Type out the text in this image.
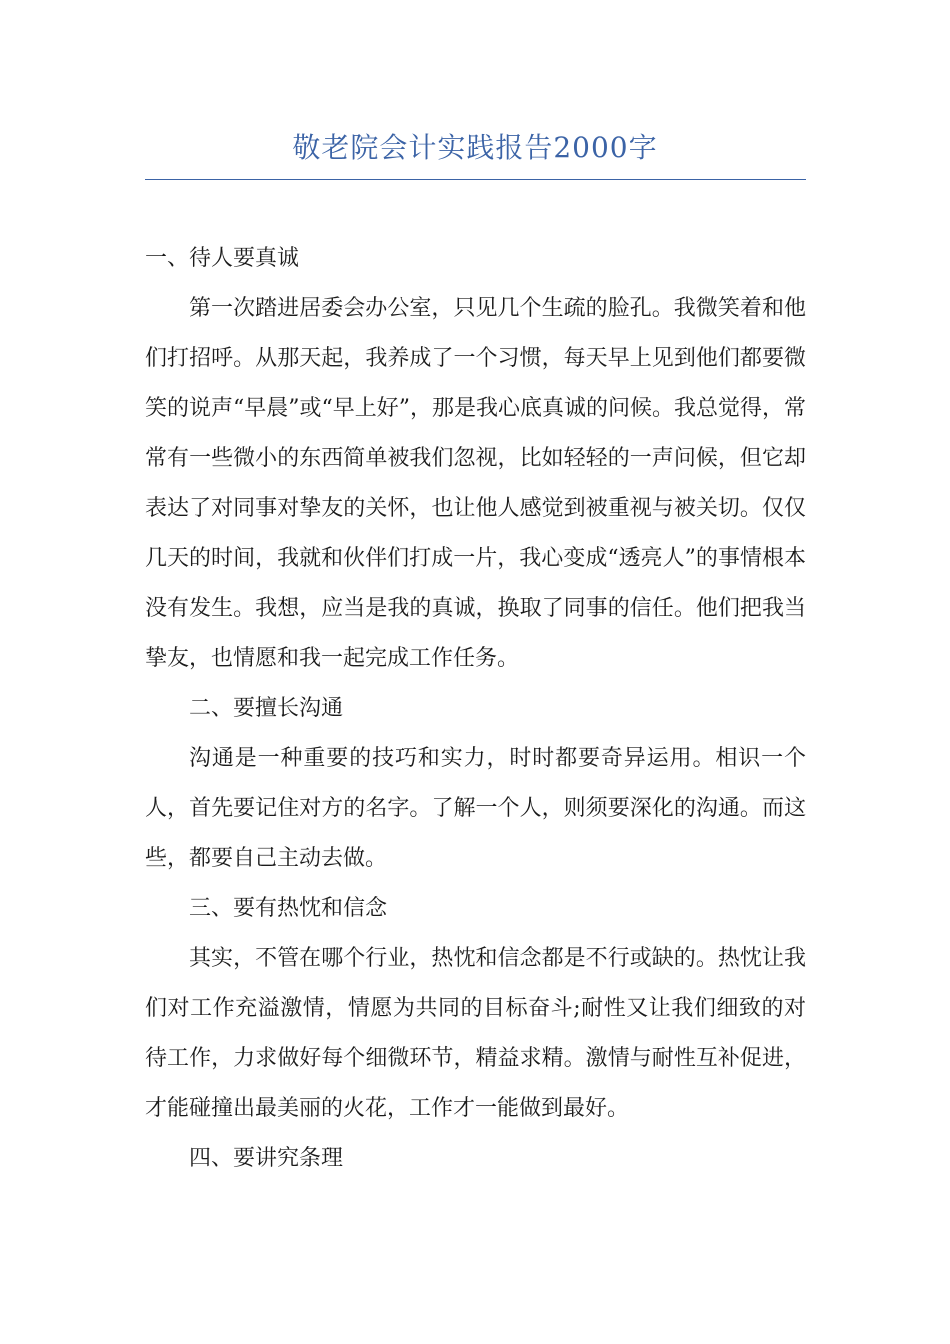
敬老院会计实践报告2000字

一、待人要真诚

第一次踏进居委会办公室，只见几个生疏的脸孔。我微笑着和他们打招呼。从那天起，我养成了一个习惯，每天早上见到他们都要微笑的说声“早晨”或“早上好”，那是我心底真诚的问候。我总觉得，常常有一些微小的东西简单被我们忽视，比如轻轻的一声问候，但它却表达了对同事对挚友的关怀，也让他人感觉到被重视与被关切。仅仅几天的时间，我就和伙伴们打成一片，我心变成“透亮人”的事情根本没有发生。我想，应当是我的真诚，换取了同事的信任。他们把我当挚友，也情愿和我一起完成工作任务。

二、要擅长沟通

沟通是一种重要的技巧和实力，时时都要奇异运用。相识一个人，首先要记住对方的名字。了解一个人，则须要深化的沟通。而这些，都要自己主动去做。

三、要有热忱和信念

其实，不管在哪个行业，热忱和信念都是不行或缺的。热忱让我们对工作充溢激情，情愿为共同的目标奋斗;耐性又让我们细致的对待工作，力求做好每个细微环节，精益求精。激情与耐性互补促进，才能碰撞出最美丽的火花，工作才一能做到最好。

四、要讲究条理
